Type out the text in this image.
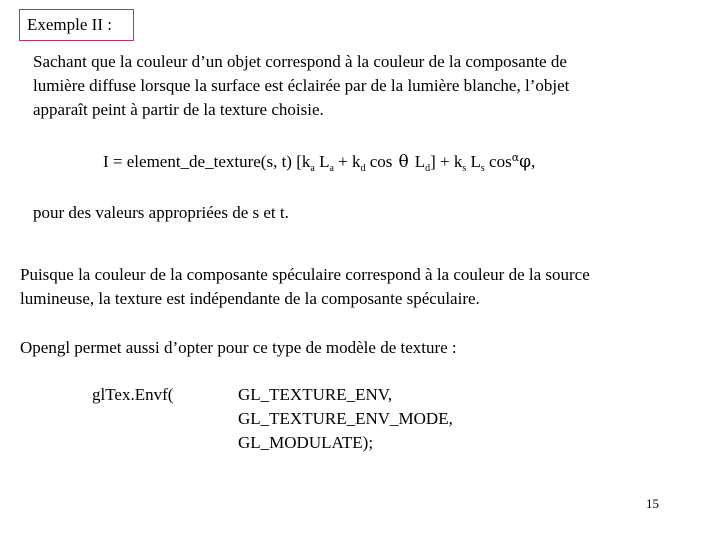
Exemple II :
Sachant que la couleur d’un objet correspond à la couleur de la composante de
lumière diffuse lorsque la surface est éclairée par de la lumière blanche, l’objet
apparaît peint à partir de la texture choisie.
I = element_de_texture(s, t) [$k_a$ $L_a + k_d$ cos θ $L_d] + k_s$ $L_s$ $\cos^\alpha\varphi$,
pour des valeurs appropriées de s et t.
Puisque la couleur de la composante spéculaire correspond à la couleur de la source
lumineuse, la texture est indépendante de la composante spéculaire.
Opengl permet aussi d’opter pour ce type de modèle de texture :
glTex.Envf(	GL_TEXTURE_ENV,
GL_TEXTURE_ENV_MODE,
GL_MODULATE);
15
